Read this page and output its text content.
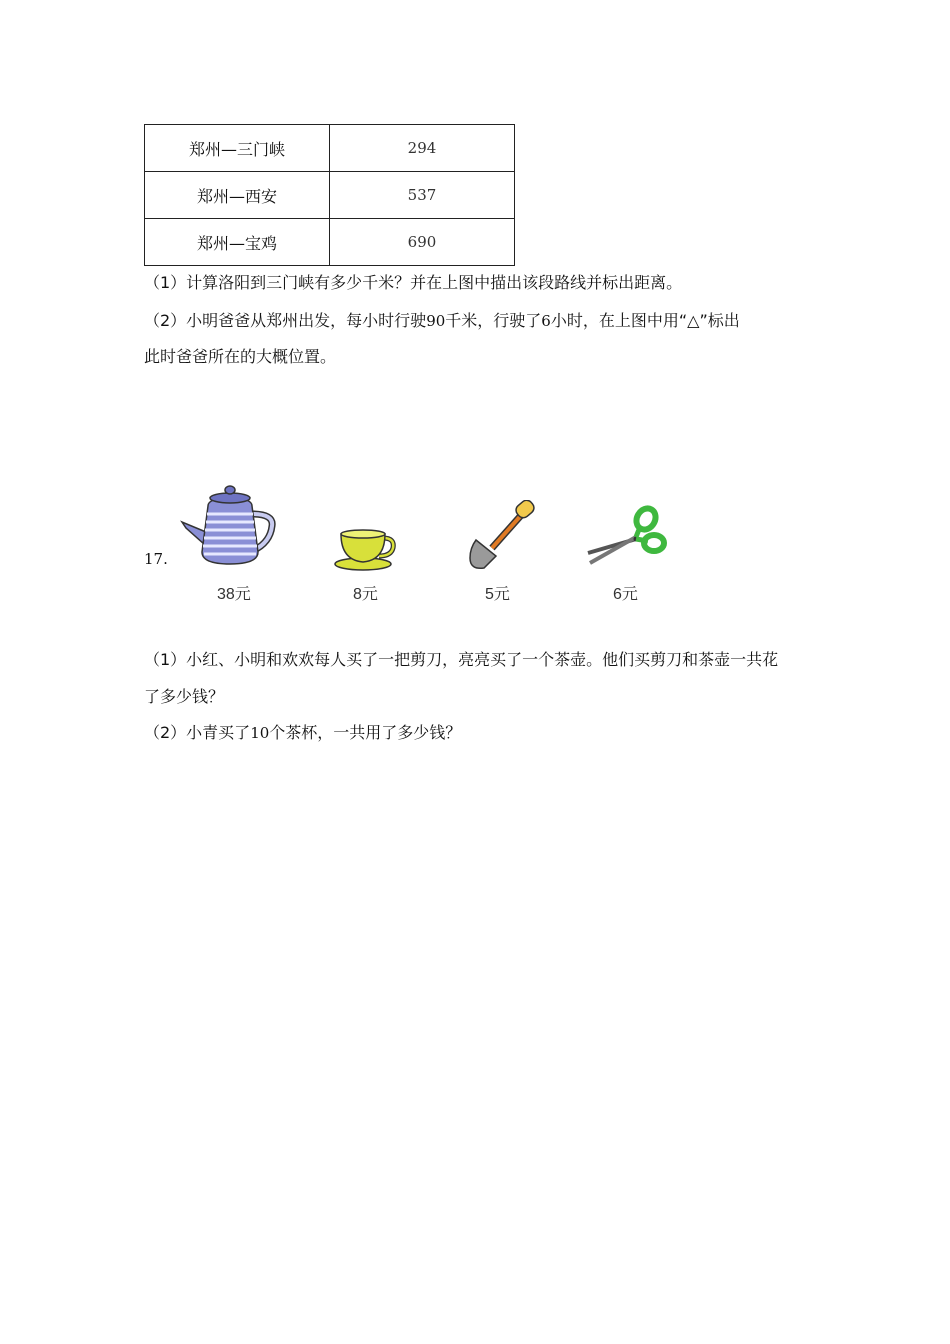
郑州—三门峡	294
郑州—西安	537
郑州—宝鸡	690
（1）计算洛阳到三门峡有多少千米？并在上图中描出该段路线并标出距离。
（2）小明爸爸从郑州出发，每小时行驶90千米，行驶了6小时，在上图中用“△”标出
此时爸爸所在的大概位置。
17.
38元	8元	5元	6元
（1）小红、小明和欢欢每人买了一把剪刀，亮亮买了一个茶壶。他们买剪刀和茶壶一共花
了多少钱？
（2）小青买了10个茶杯，一共用了多少钱？
